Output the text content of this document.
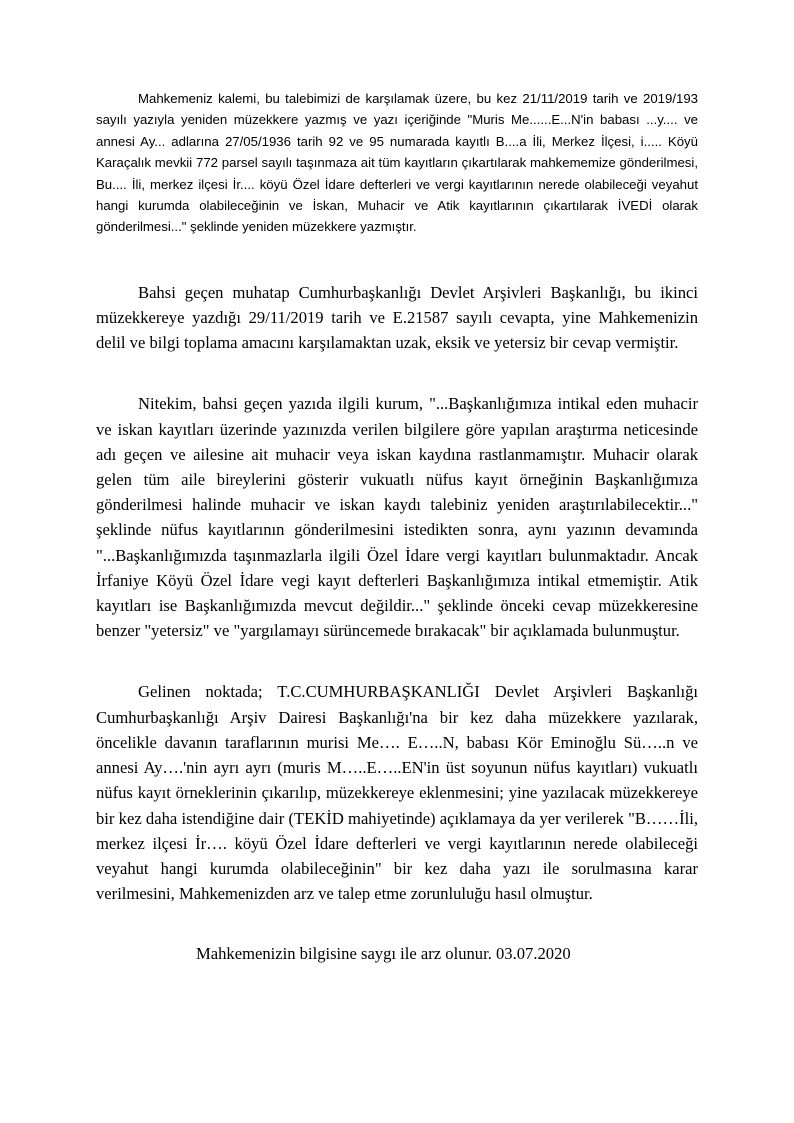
Mahkemeniz kalemi, bu talebimizi de karşılamak üzere, bu kez 21/11/2019 tarih ve 2019/193 sayılı yazıyla yeniden müzekkere yazmış ve yazı içeriğinde "Muris Me......E...N'in babası ...y.... ve annesi Ay... adlarına 27/05/1936 tarih 92 ve 95 numarada kayıtlı B....a İli, Merkez İlçesi, i..... Köyü Karaçalık mevkii 772 parsel sayılı taşınmaza ait tüm kayıtların çıkartılarak mahkememize gönderilmesi, Bu.... İli, merkez ilçesi İr.... köyü Özel İdare defterleri ve vergi kayıtlarının nerede olabileceği veyahut hangi kurumda olabileceğinin ve İskan, Muhacir ve Atik kayıtlarının çıkartılarak İVEDİ olarak gönderilmesi..." şeklinde yeniden müzekkere yazmıştır.

Bahsi geçen muhatap Cumhurbaşkanlığı Devlet Arşivleri Başkanlığı, bu ikinci müzekkereye yazdığı 29/11/2019 tarih ve E.21587 sayılı cevapta, yine Mahkemenizin delil ve bilgi toplama amacını karşılamaktan uzak, eksik ve yetersiz bir cevap vermiştir.

Nitekim, bahsi geçen yazıda ilgili kurum, "...Başkanlığımıza intikal eden muhacir ve iskan kayıtları üzerinde yazınızda verilen bilgilere göre yapılan araştırma neticesinde adı geçen ve ailesine ait muhacir veya iskan kaydına rastlanmamıştır. Muhacir olarak gelen tüm aile bireylerini gösterir vukuatlı nüfus kayıt örneğinin Başkanlığımıza gönderilmesi halinde muhacir ve iskan kaydı talebiniz yeniden araştırılabilecektir..." şeklinde nüfus kayıtlarının gönderilmesini istedikten sonra, aynı yazının devamında "...Başkanlığımızda taşınmazlarla ilgili Özel İdare vergi kayıtları bulunmaktadır. Ancak İrfaniye Köyü Özel İdare vegi kayıt defterleri Başkanlığımıza intikal etmemiştir. Atik kayıtları ise Başkanlığımızda mevcut değildir..." şeklinde önceki cevap müzekkeresine benzer "yetersiz" ve "yargılamayı sürüncemede bırakacak" bir açıklamada bulunmuştur.

Gelinen noktada; T.C.CUMHURBAŞKANLIĞI Devlet Arşivleri Başkanlığı Cumhurbaşkanlığı Arşiv Dairesi Başkanlığı'na bir kez daha müzekkere yazılarak, öncelikle davanın taraflarının murisi Me…. E…..N, babası Kör Eminoğlu Sü…..n ve annesi Ay….'nin ayrı ayrı (muris M…..E…..EN'in üst soyunun nüfus kayıtları) vukuatlı nüfus kayıt örneklerinin çıkarılıp, müzekkereye eklenmesini; yine yazılacak müzekkereye bir kez daha istendiğine dair (TEKİD mahiyetinde) açıklamaya da yer verilerek "B……İli, merkez ilçesi İr…. köyü Özel İdare defterleri ve vergi kayıtlarının nerede olabileceği veyahut hangi kurumda olabileceğinin" bir kez daha yazı ile sorulmasına karar verilmesini, Mahkemenizden arz ve talep etme zorunluluğu hasıl olmuştur.

Mahkemenizin bilgisine saygı ile arz olunur. 03.07.2020
